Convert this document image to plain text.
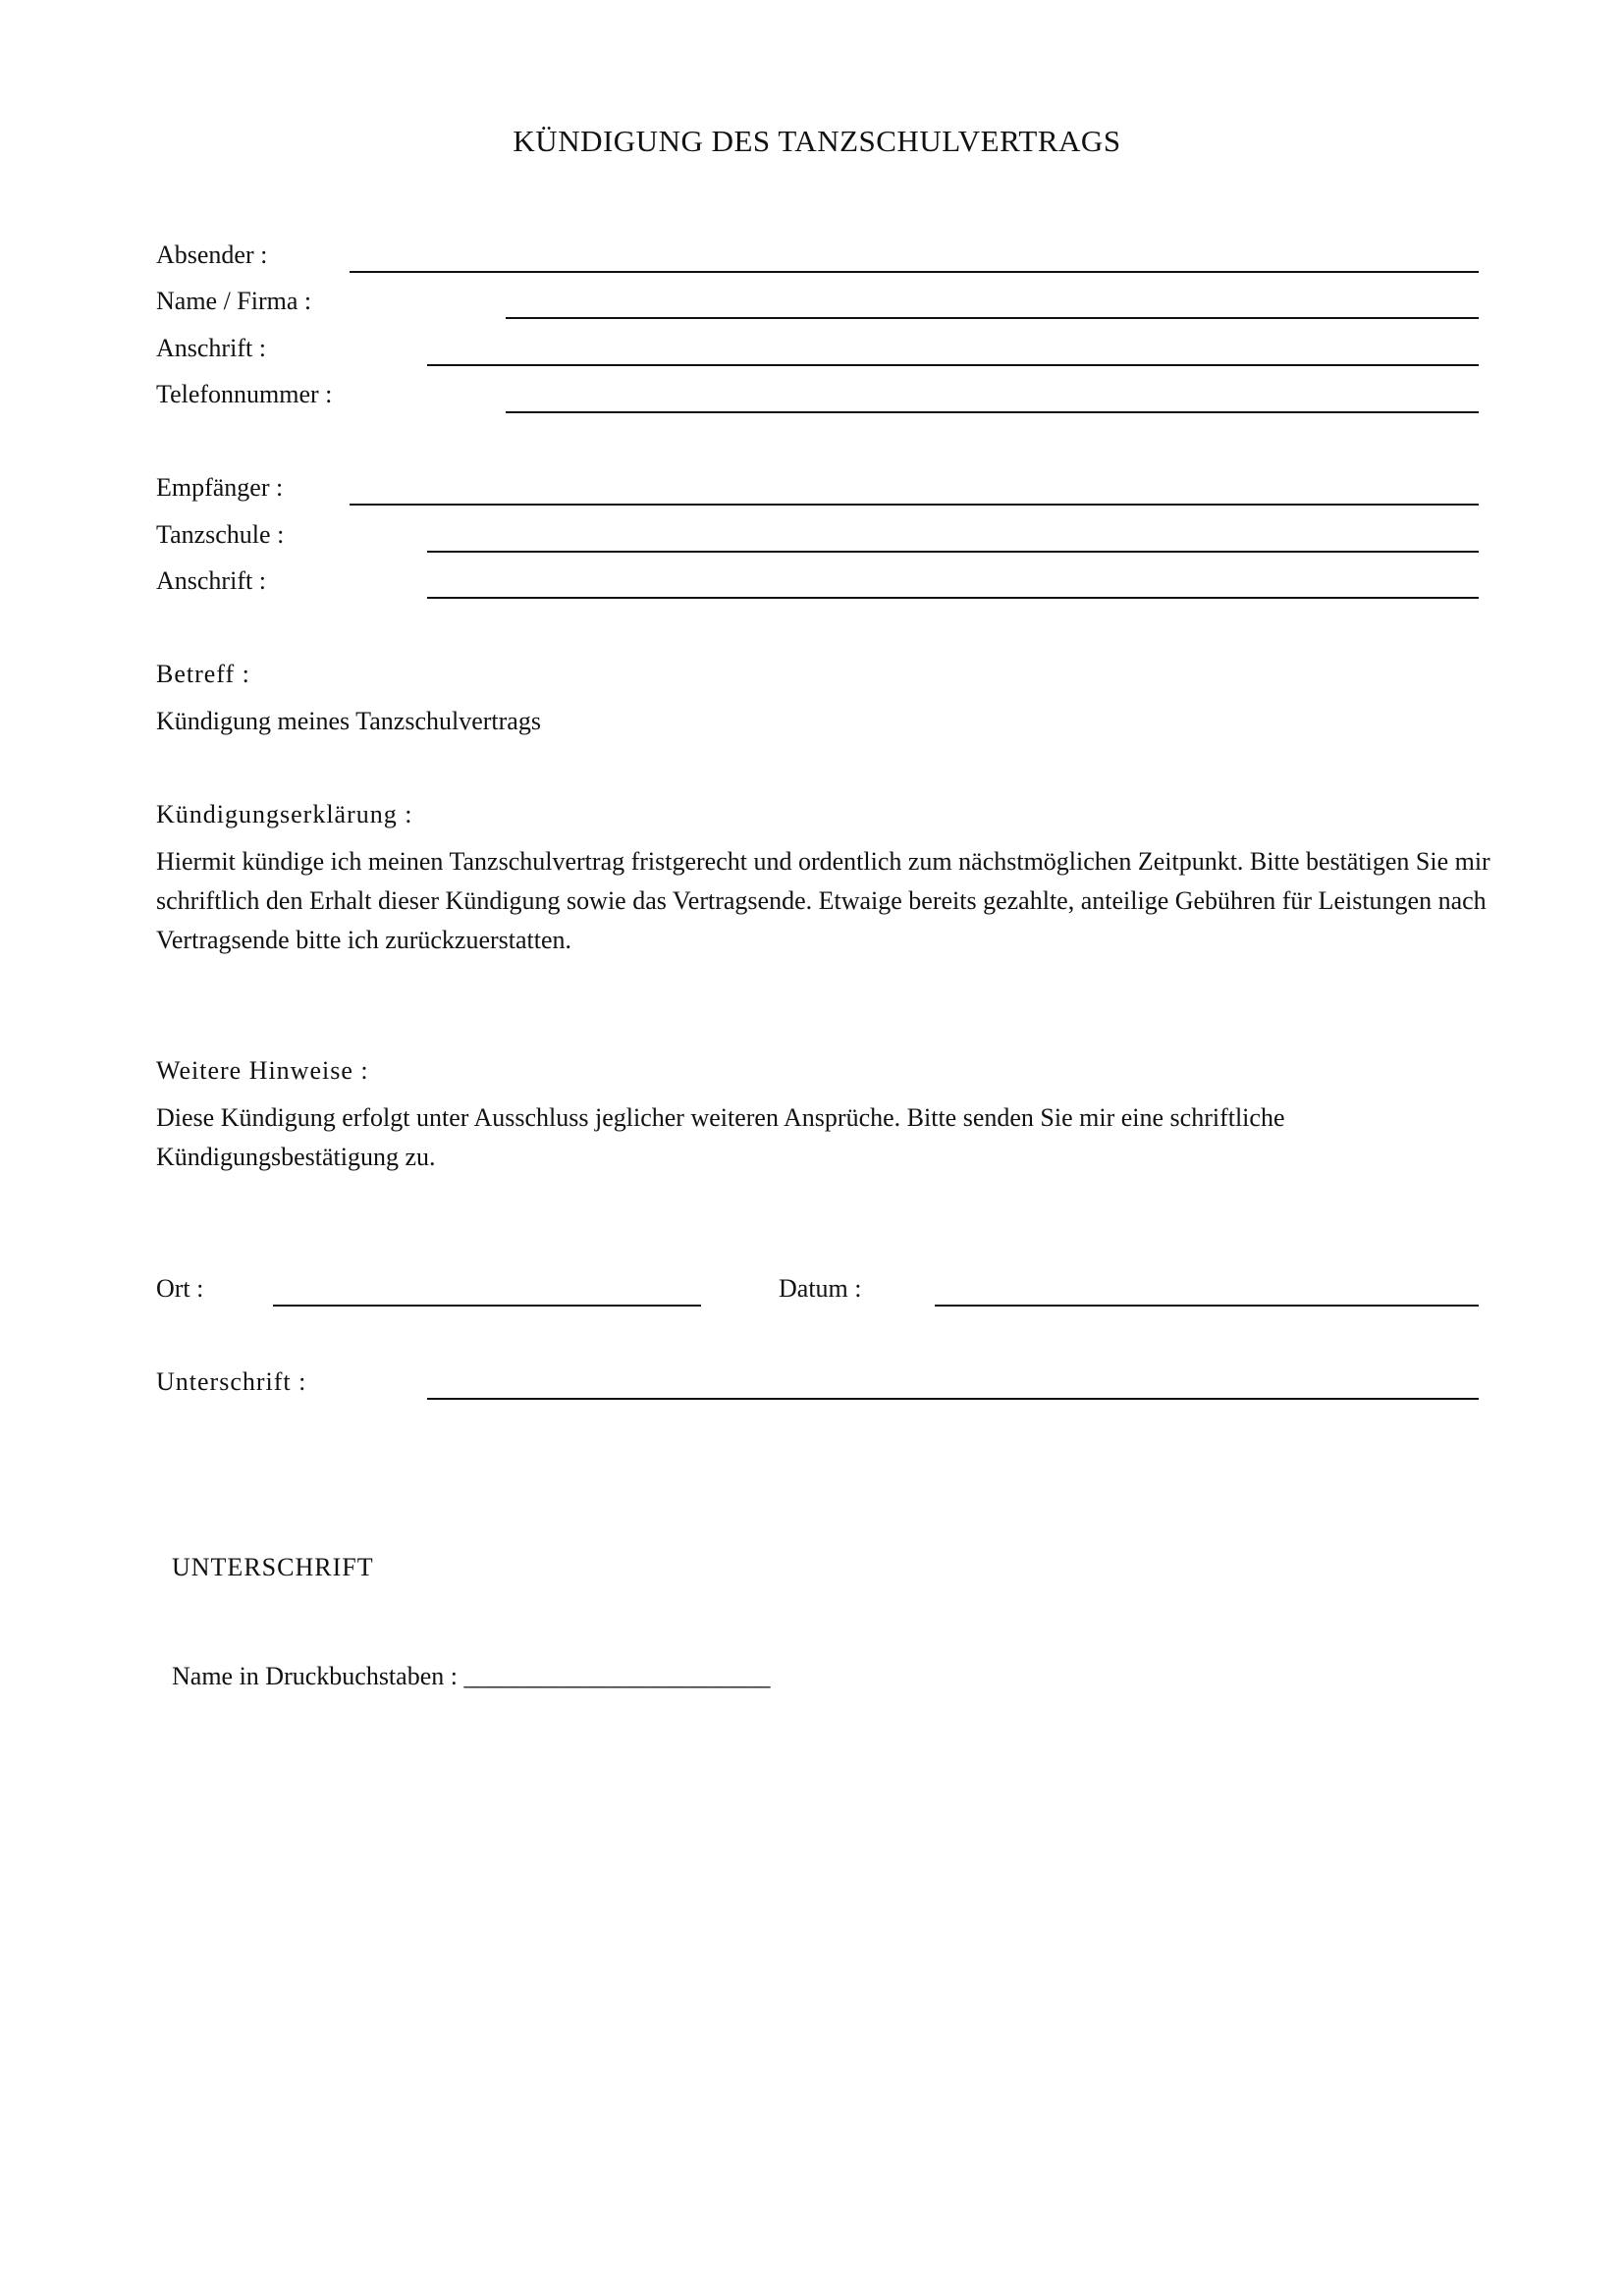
KÜNDIGUNG DES TANZSCHULVERTRAGS
Absender :
Name / Firma :
Anschrift :
Telefonnummer :
Empfänger :
Tanzschule :
Anschrift :
Betreff :
Kündigung meines Tanzschulvertrags
Kündigungserklärung :
Hiermit kündige ich meinen Tanzschulvertrag fristgerecht und ordentlich zum nächstmöglichen Zeitpunkt. Bitte bestätigen Sie mir schriftlich den Erhalt dieser Kündigung sowie das Vertragsende. Etwaige bereits gezahlte, anteilige Gebühren für Leistungen nach Vertragsende bitte ich zurückzuerstatten.
Weitere Hinweise :
Diese Kündigung erfolgt unter Ausschluss jeglicher weiteren Ansprüche. Bitte senden Sie mir eine schriftliche Kündigungsbestätigung zu.
Ort :	Datum :
Unterschrift :
UNTERSCHRIFT
Name in Druckbuchstaben : ________________________
